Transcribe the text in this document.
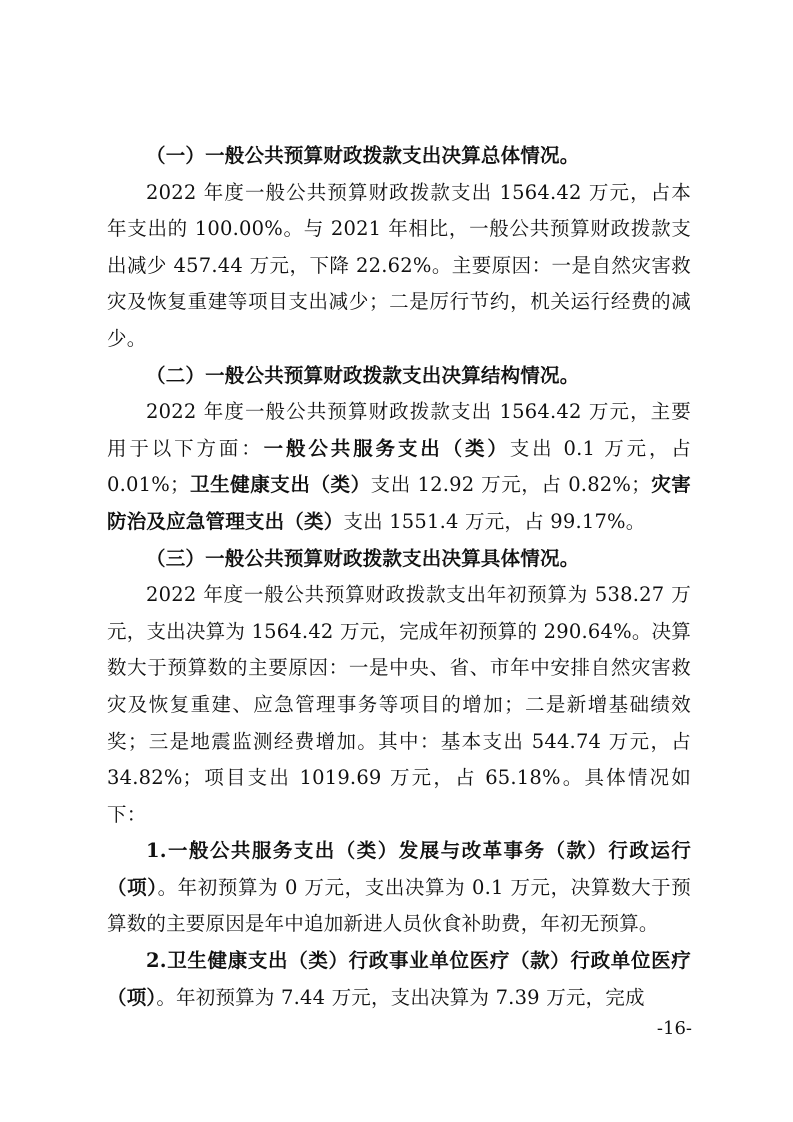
（一）一般公共预算财政拨款支出决算总体情况。

2022 年度一般公共预算财政拨款支出 1564.42 万元，占本年支出的 100.00%。与 2021 年相比，一般公共预算财政拨款支出减少 457.44 万元，下降 22.62%。主要原因：一是自然灾害救灾及恢复重建等项目支出减少；二是厉行节约，机关运行经费的减少。

（二）一般公共预算财政拨款支出决算结构情况。

2022 年度一般公共预算财政拨款支出 1564.42 万元，主要用于以下方面：一般公共服务支出（类）支出 0.1 万元，占 0.01%；卫生健康支出（类）支出 12.92 万元，占 0.82%；灾害防治及应急管理支出（类）支出 1551.4 万元，占 99.17%。

（三）一般公共预算财政拨款支出决算具体情况。

2022 年度一般公共预算财政拨款支出年初预算为 538.27 万元，支出决算为 1564.42 万元，完成年初预算的 290.64%。决算数大于预算数的主要原因：一是中央、省、市年中安排自然灾害救灾及恢复重建、应急管理事务等项目的增加；二是新增基础绩效奖；三是地震监测经费增加。其中：基本支出 544.74 万元，占 34.82%；项目支出 1019.69 万元，占 65.18%。具体情况如下：

1.一般公共服务支出（类）发展与改革事务（款）行政运行（项）。年初预算为 0 万元，支出决算为 0.1 万元，决算数大于预算数的主要原因是年中追加新进人员伙食补助费，年初无预算。

2.卫生健康支出（类）行政事业单位医疗（款）行政单位医疗（项）。年初预算为 7.44 万元，支出决算为 7.39 万元，完成

-16-
